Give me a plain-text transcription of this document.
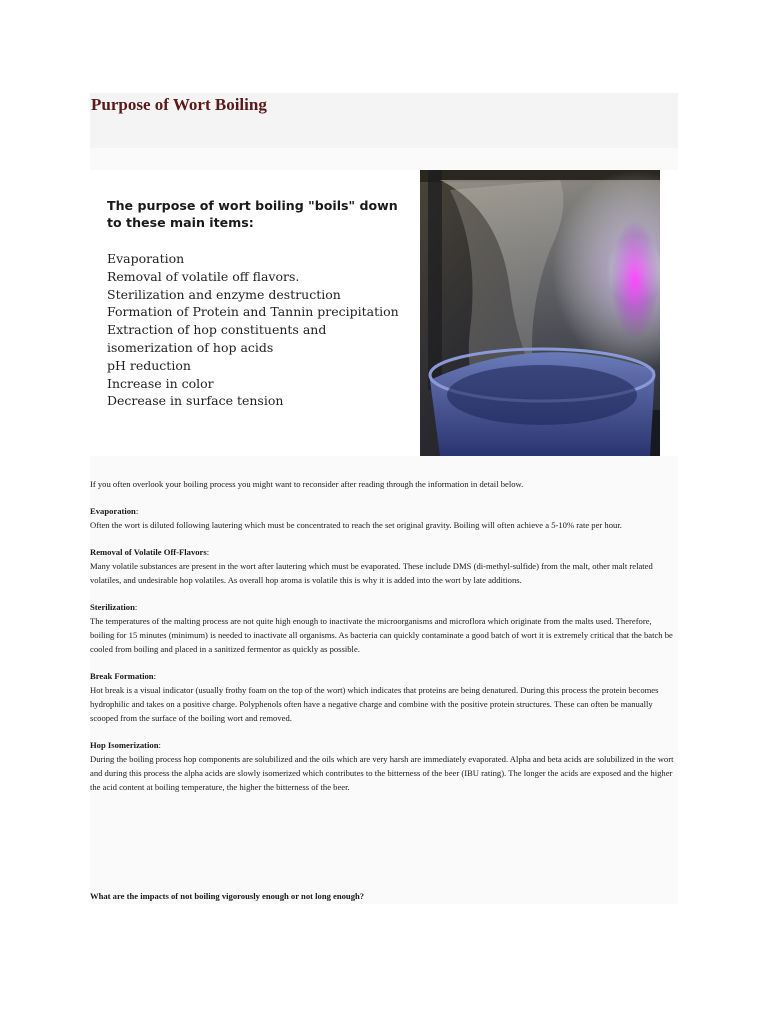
Purpose of Wort Boiling
The purpose of wort boiling "boils" down to these main items:
Evaporation
Removal of volatile off flavors.
Sterilization and enzyme destruction
Formation of Protein and Tannin precipitation
Extraction of hop constituents and isomerization of hop acids
pH reduction
Increase in color
Decrease in surface tension

If you often overlook your boiling process you might want to reconsider after reading through the information in detail below.

Evaporation:

Often the wort is diluted following lautering which must be concentrated to reach the set original gravity. Boiling will often achieve a 5-10% rate per hour.

Removal of Volatile Off-Flavors:

Many volatile substances are present in the wort after lautering which must be evaporated. These include DMS (di-methyl-sulfide) from the malt, other malt related volatiles, and undesirable hop volatiles. As overall hop aroma is volatile this is why it is added into the wort by late additions.

Sterilization:

The temperatures of the malting process are not quite high enough to inactivate the microorganisms and microflora which originate from the malts used. Therefore, boiling for 15 minutes (minimum) is needed to inactivate all organisms. As bacteria can quickly contaminate a good batch of wort it is extremely critical that the batch be cooled from boiling and placed in a sanitized fermentor as quickly as possible.

Break Formation:

Hot break is a visual indicator (usually frothy foam on the top of the wort) which indicates that proteins are being denatured. During this process the protein becomes hydrophilic and takes on a positive charge. Polyphenols often have a negative charge and combine with the positive protein structures. These can often be manually scooped from the surface of the boiling wort and removed.

Hop Isomerization:

During the boiling process hop components are solubilized and the oils which are very harsh are immediately evaporated. Alpha and beta acids are solubilized in the wort and during this process the alpha acids are slowly isomerized which contributes to the bitterness of the beer (IBU rating). The longer the acids are exposed and the higher the acid content at boiling temperature, the higher the bitterness of the beer.

What are the impacts of not boiling vigorously enough or not long enough?
